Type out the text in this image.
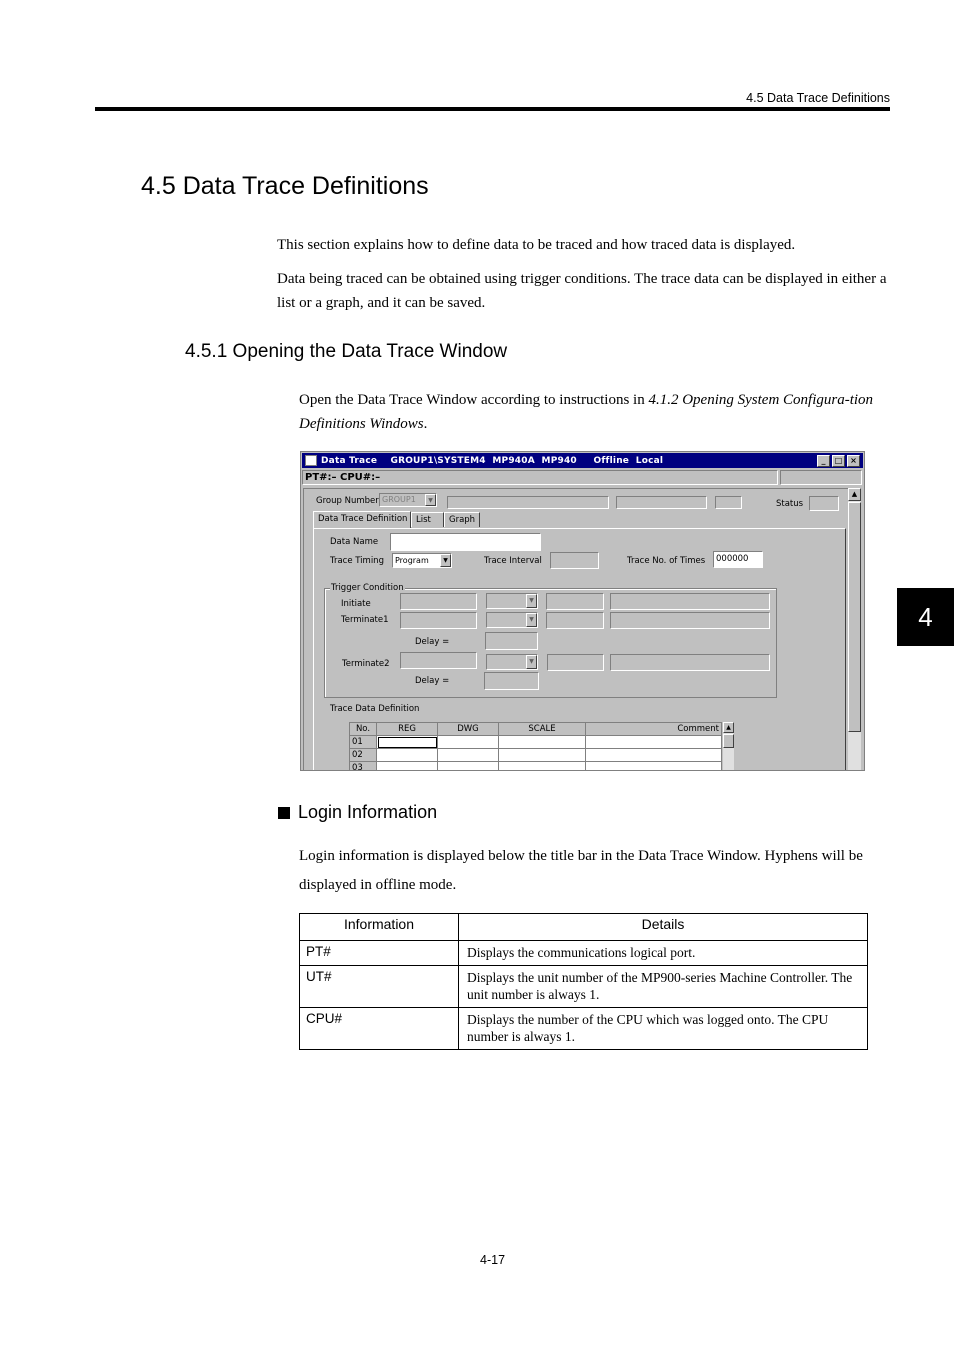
4.5 Data Trace Definitions
4.5 Data Trace Definitions
This section explains how to define data to be traced and how traced data is displayed.
Data being traced can be obtained using trigger conditions. The trace data can be displayed in either a list or a graph, and it can be saved.
4.5.1 Opening the Data Trace Window
Open the Data Trace Window according to instructions in 4.1.2 Opening System Configura-tion Definitions Windows.
4
Data Trace    GROUP1\SYSTEM4  MP940A  MP940     Offline  Local	_	□ ×
PT#:– CPU#:–
Group Number GROUP1	▼	Status
▲
Data Trace Definition	List	Graph
Data Name
Trace Timing	Program	▼	Trace Interval	Trace No. of Times	000000
Trigger Condition
Initiate	▼
Terminate1	▼
Delay =
Terminate2	▼
Delay =
Trace Data Definition
No.	REG	DWG	SCALE	Comment
01				
02				
03				
▲
Login Information
Login information is displayed below the title bar in the Data Trace Window. Hyphens will be displayed in offline mode.
Information	Details
PT#	Displays the communications logical port.
UT#	Displays the unit number of the MP900-series Machine Controller. The unit number is always 1.
CPU#	Displays the number of the CPU which was logged onto. The CPU number is always 1.
4-17
